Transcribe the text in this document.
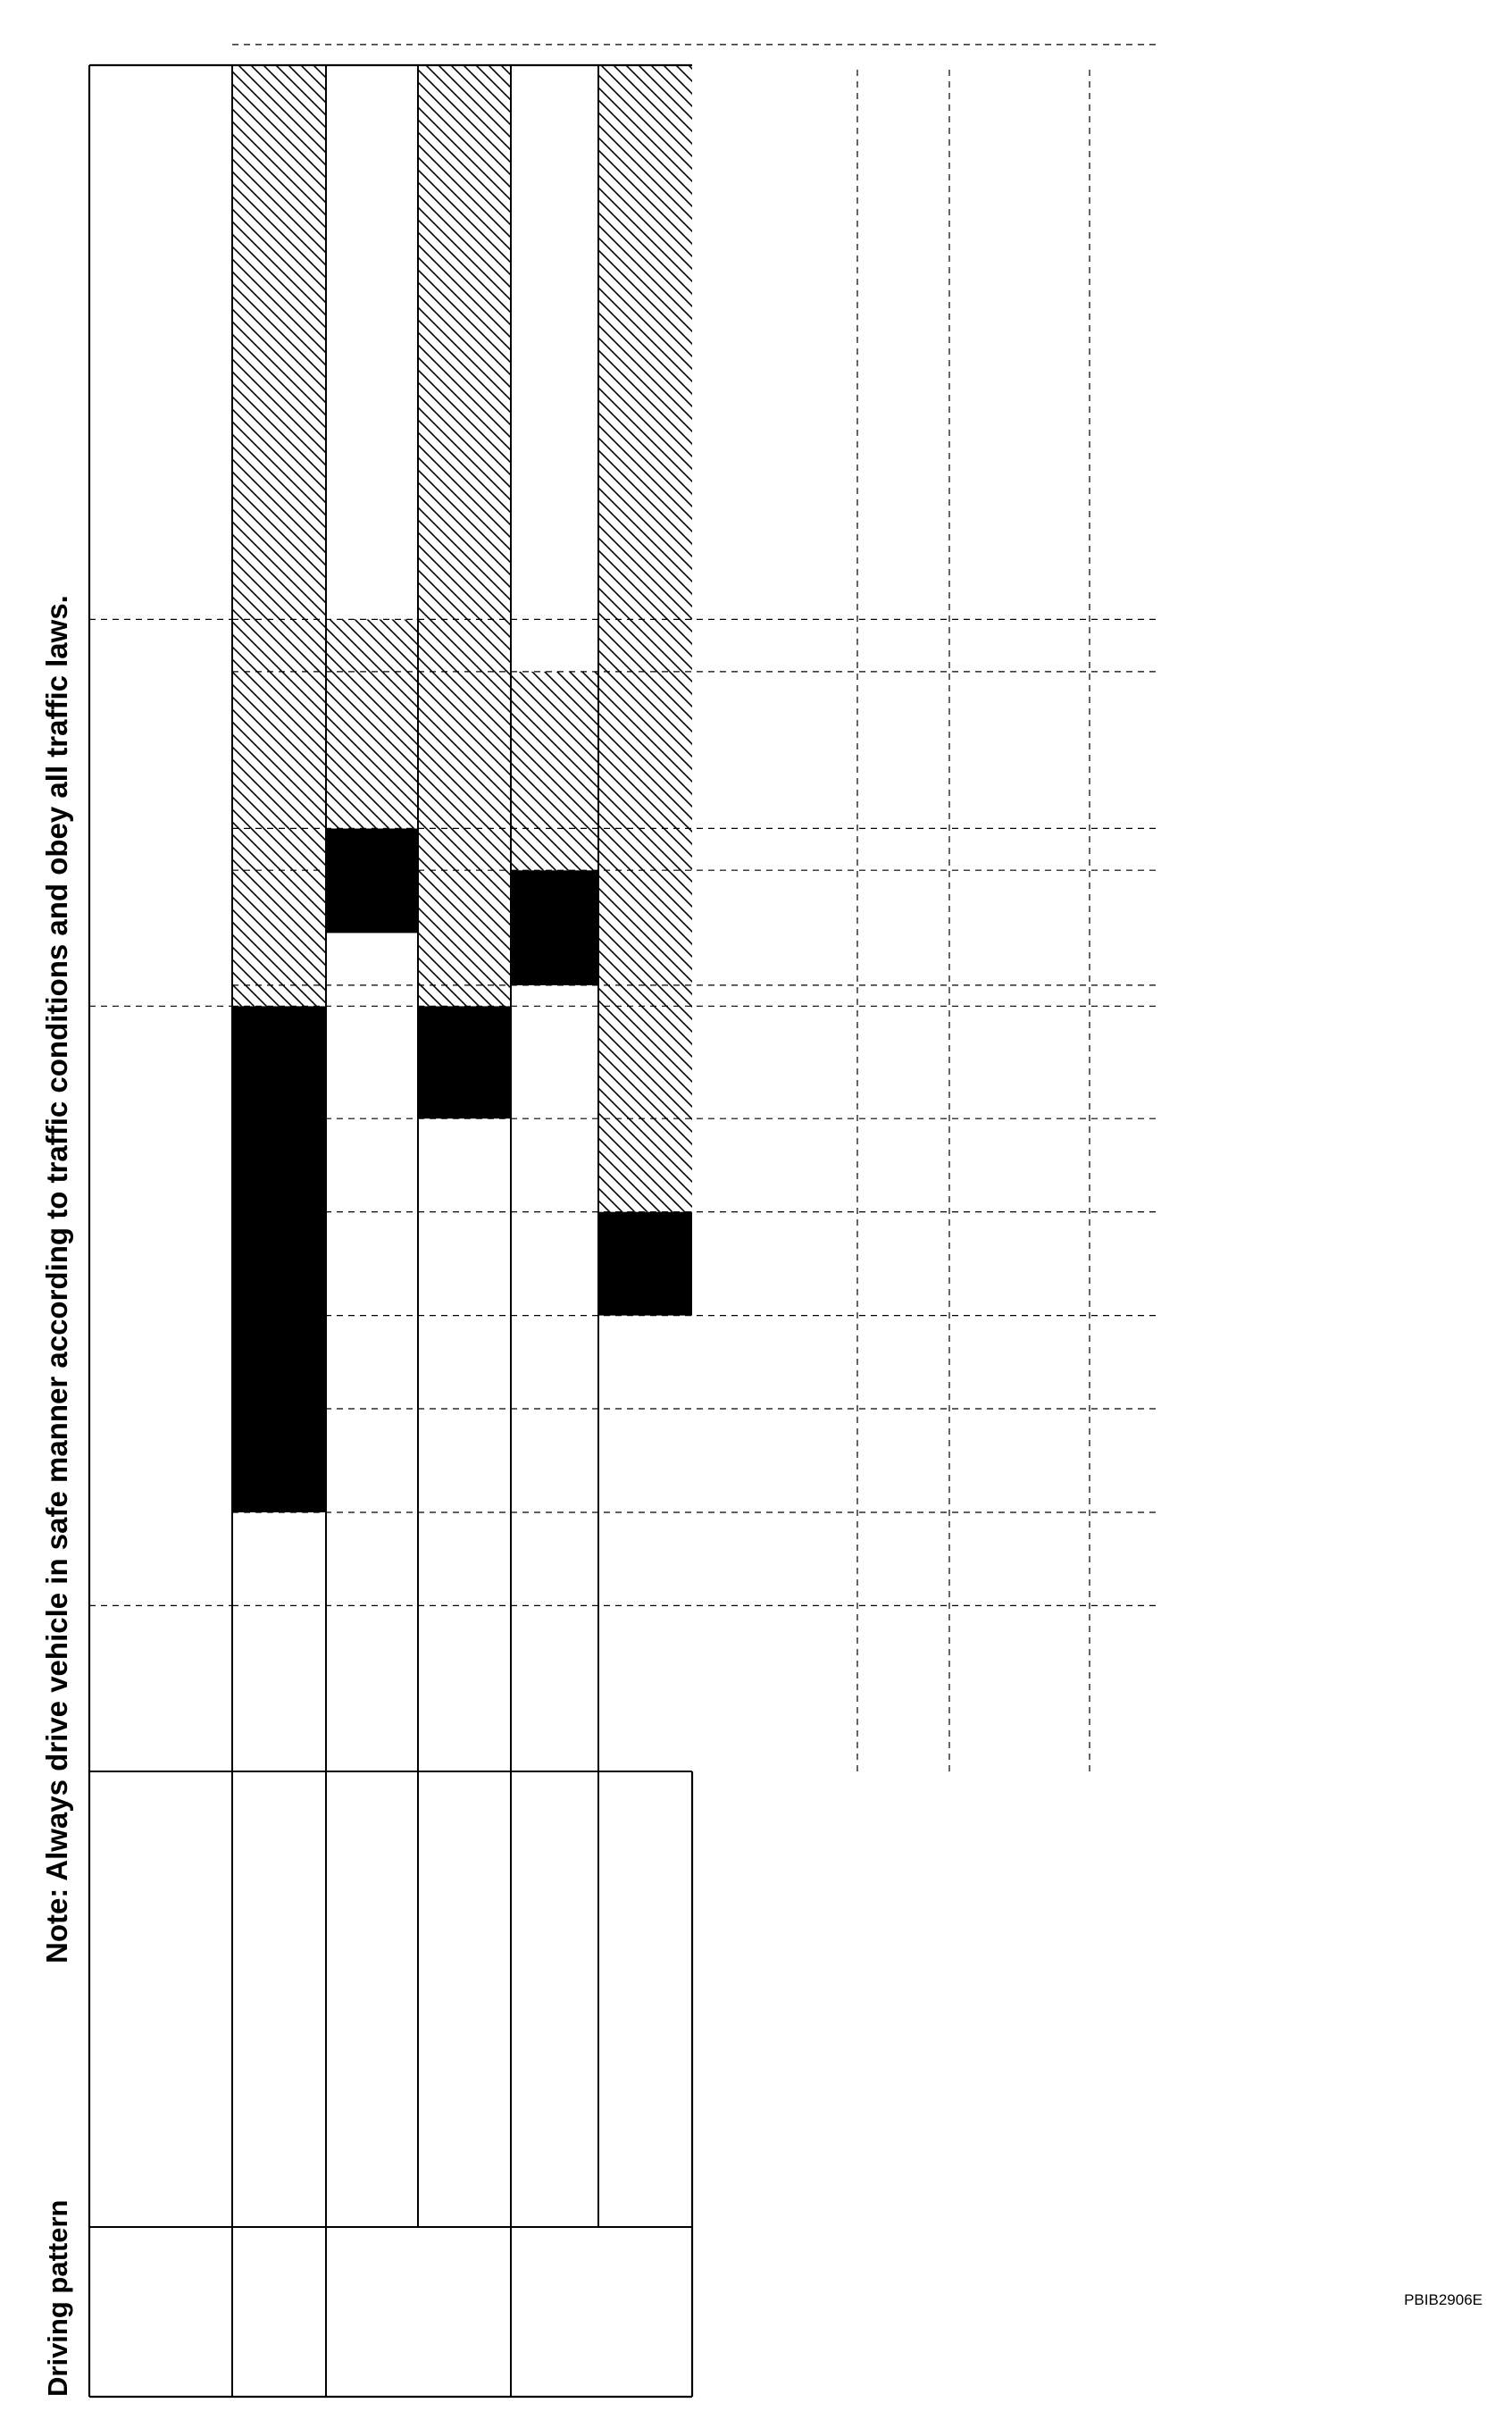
Driving pattern
Note: Always drive vehicle in safe manner according to traffic conditions and obey all traffic laws.
PBIB2906E
